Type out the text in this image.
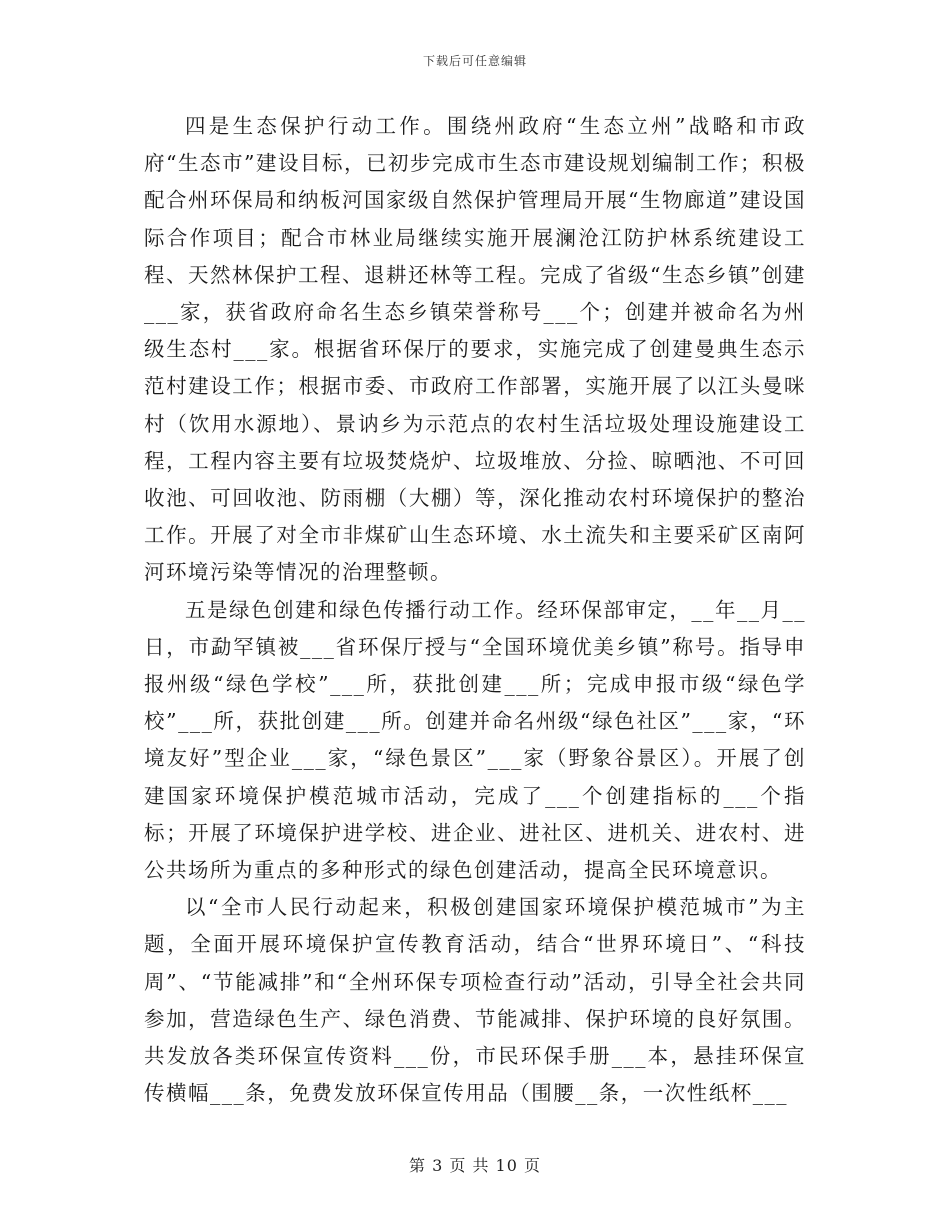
下载后可任意编辑

四是生态保护行动工作。围绕州政府“生态立州”战略和市政府“生态市”建设目标，已初步完成市生态市建设规划编制工作；积极配合州环保局和纳板河国家级自然保护管理局开展“生物廊道”建设国际合作项目；配合市林业局继续实施开展澜沧江防护林系统建设工程、天然林保护工程、退耕还林等工程。完成了省级“生态乡镇”创建___家，获省政府命名生态乡镇荣誉称号___个；创建并被命名为州级生态村___家。根据省环保厅的要求，实施完成了创建曼典生态示范村建设工作；根据市委、市政府工作部署，实施开展了以江头曼咪村（饮用水源地）、景讷乡为示范点的农村生活垃圾处理设施建设工程，工程内容主要有垃圾焚烧炉、垃圾堆放、分捡、晾晒池、不可回收池、可回收池、防雨棚（大棚）等，深化推动农村环境保护的整治工作。开展了对全市非煤矿山生态环境、水土流失和主要采矿区南阿河环境污染等情况的治理整顿。

五是绿色创建和绿色传播行动工作。经环保部审定，__年__月__日，市勐罕镇被___省环保厅授与“全国环境优美乡镇”称号。指导申报州级“绿色学校”___所，获批创建___所；完成申报市级“绿色学校”___所，获批创建___所。创建并命名州级“绿色社区”___家，“环境友好”型企业___家，“绿色景区”___家（野象谷景区）。开展了创建国家环境保护模范城市活动，完成了___个创建指标的___个指标；开展了环境保护进学校、进企业、进社区、进机关、进农村、进公共场所为重点的多种形式的绿色创建活动，提高全民环境意识。

以“全市人民行动起来，积极创建国家环境保护模范城市”为主题，全面开展环境保护宣传教育活动，结合“世界环境日”、“科技周”、“节能减排”和“全州环保专项检查行动”活动，引导全社会共同参加，营造绿色生产、绿色消费、节能减排、保护环境的良好氛围。共发放各类环保宣传资料___份，市民环保手册___本，悬挂环保宣传横幅___条，免费发放环保宣传用品（围腰__条，一次性纸杯___

第 3 页 共 10 页
